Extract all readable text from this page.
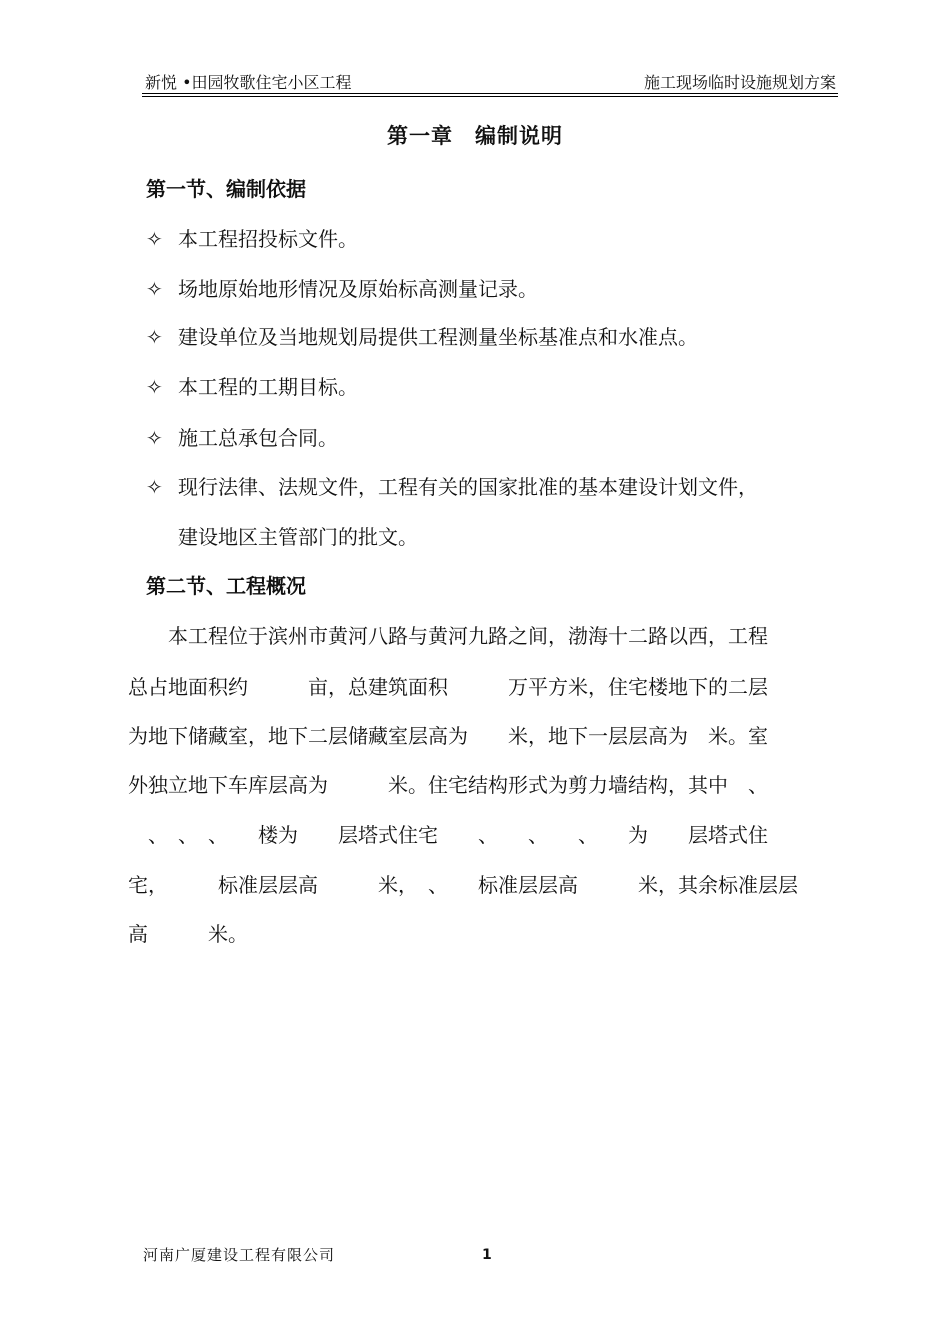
新悦 •田园牧歌住宅小区工程	施工现场临时设施规划方案
第一章 编制说明
第一节、编制依据
✧ 本工程招投标文件。
✧ 场地原始地形情况及原始标高测量记录。
✧ 建设单位及当地规划局提供工程测量坐标基准点和水准点。
✧ 本工程的工期目标。
✧ 施工总承包合同。
✧ 现行法律、法规文件，工程有关的国家批准的基本建设计划文件，
建设地区主管部门的批文。
第二节、工程概况
　　本工程位于滨州市黄河八路与黄河九路之间，渤海十二路以西，工程
总占地面积约　　　亩，总建筑面积　　　万平方米，住宅楼地下的二层
为地下储藏室，地下二层储藏室层高为　　米，地下一层层高为　米。室
外独立地下车库层高为　　　米。住宅结构形式为剪力墙结构，其中　、
　、　、　、　　楼为　　层塔式住宅　　、　　、　　、　　为　　层塔式住
宅，　　　标准层层高　　　米，　、　　标准层层高　　　米，其余标准层层
高　　　米。
河南广厦建设工程有限公司	1
